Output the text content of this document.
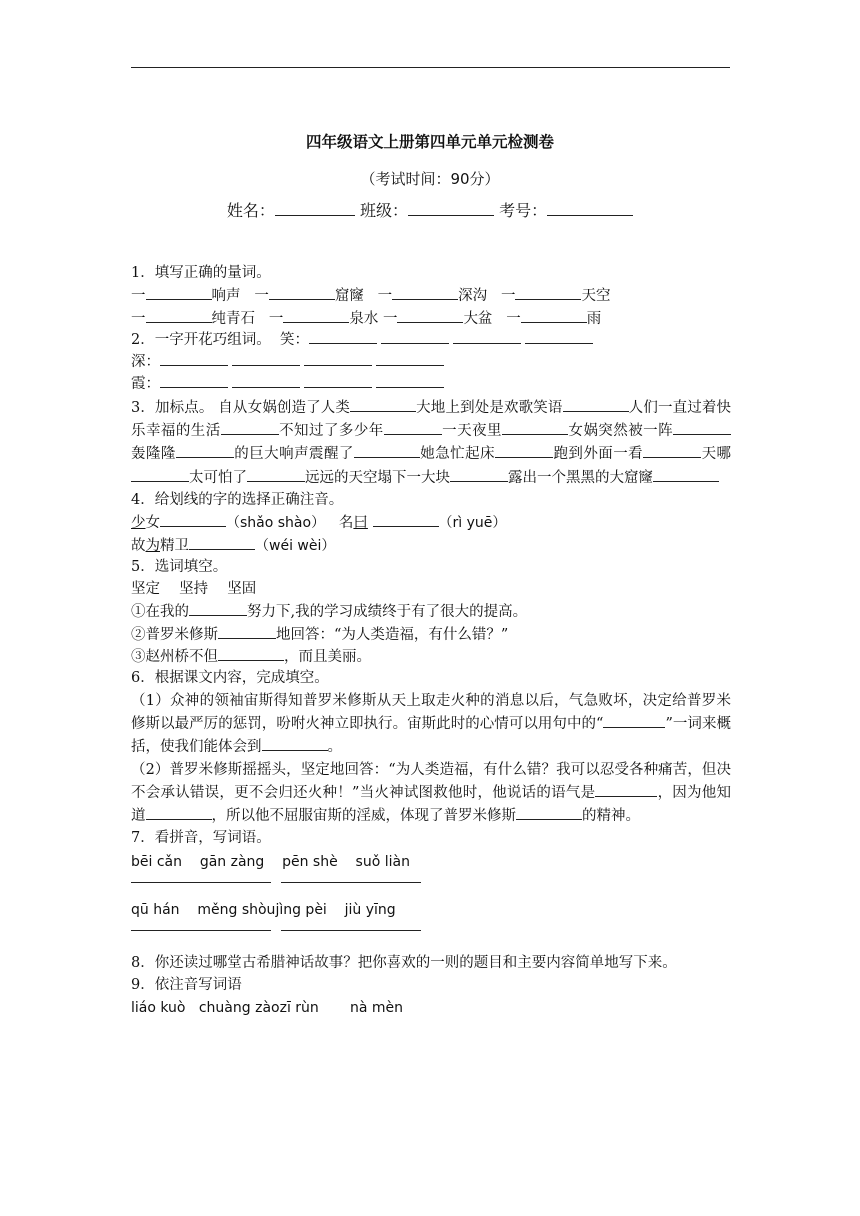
四年级语文上册第四单元单元检测卷
（考试时间：90分）
姓名：	班级：	考号：
1．填写正确的量词。
一	响声 一	窟窿 一	深沟 一	天空
一	纯青石 一	泉水 一	大盆 一	雨
2．一字开花巧组词。 笑：
深：
霞：
3．加标点。 自从女娲创造了人类	大地上到处是欢歌笑语	人们一直过着快乐幸福的生活	不知过了多少年	一天夜里	女娲突然被一阵轰隆隆	的巨大响声震醒了	她急忙起床	跑到外面一看	天哪太可怕了	远远的天空塌下一大块	露出一个黑黑的大窟窿
4．给划线的字的选择正确注音。
少女	（shǎo shào） 名曰	（rì yuē）
故为精卫	（wéi wèi）
5．选词填空。
坚定　 坚持　 坚固
①在我的	努力下,我的学习成绩终于有了很大的提高。
②普罗米修斯	地回答：“为人类造福，有什么错？”
③赵州桥不但	，而且美丽。
6．根据课文内容，完成填空。
（1）众神的领袖宙斯得知普罗米修斯从天上取走火种的消息以后，气急败坏，决定给普罗米修斯以最严厉的惩罚，吩咐火神立即执行。宙斯此时的心情可以用句中的“	”一词来概括，使我们能体会到	。
（2）普罗米修斯摇摇头，坚定地回答：“为人类造福，有什么错？我可以忍受各种痛苦，但决不会承认错误，更不会归还火种！”当火神试图救他时，他说话的语气是	，因为他知道	，所以他不屈服宙斯的淫威，体现了普罗米修斯	的精神。
7．看拼音，写词语。
bēi cǎn gān zàng pēn shè suǒ liàn
qū hán měng shòujìng pèi jiù yīng
8．你还读过哪堂古希腊神话故事？把你喜欢的一则的题目和主要内容简单地写下来。
9．依注音写词语
liáo kuò chuàng zàozī rùn nà mèn
